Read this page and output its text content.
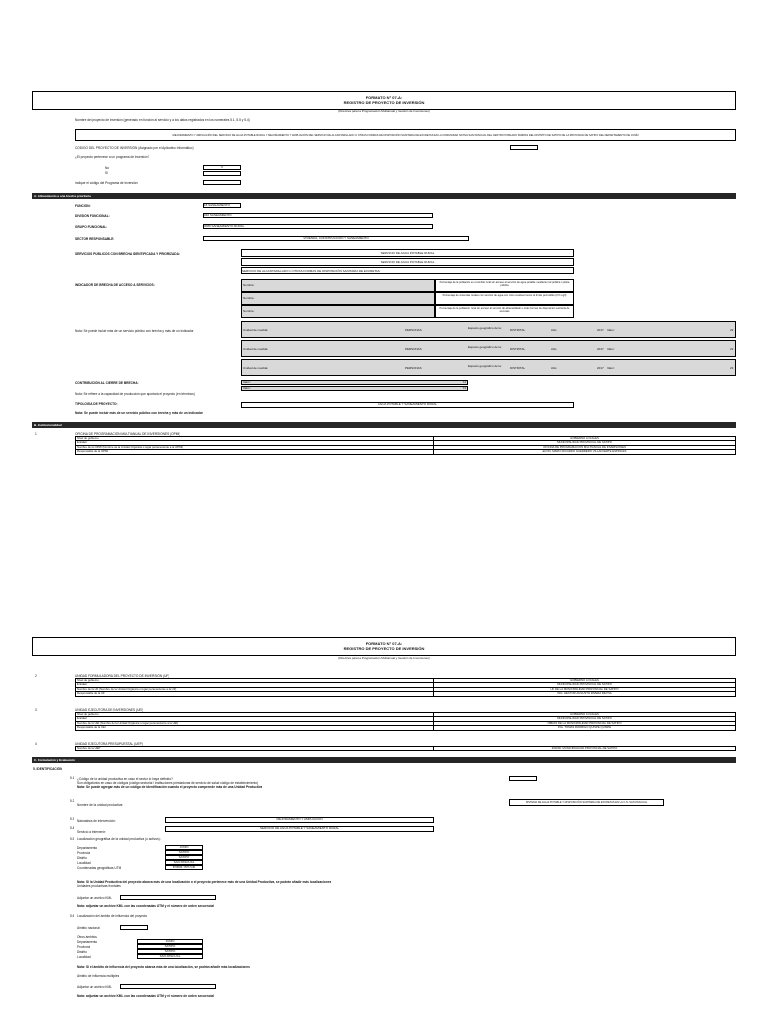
FORMATO N° 07-A:
REGISTRO DE PROYECTO DE INVERSIÓN
(Directiva para la Programación Multianual y Gestión de Inversiones)
Nombre del proyecto de inversión (generado en función al servicio y a los datos registrados en los numerales 5.1, 5.5 y 5.4)
MEJORAMIENTO Y AMPLIACIÓN DEL SERVICIO DE AGUA POTABLE RURAL Y MEJORAMIENTO Y AMPLIACIÓN DEL SERVICIO DE ALCANTARILLADO U OTRAS FORMAS DE DISPOSICIÓN SANITARIA DE EXCRETAS EN LA COMUNIDAD NATIVA SAN PASCUAL DEL CENTRO POBLADO PAMPAS DEL DISTRITO DE SATIPO DE LA PROVINCIA DE SATIPO DEL DEPARTAMENTO DE JUNÍN
CÓDIGO DEL PROYECTO DE INVERSIÓN (Asignado por el Aplicativo Informático)
¿El proyecto pertenece a un programa de inversión?
No	X
Sí
Indique el código del Programa de Inversión:
A. Alineamiento a una brecha prioritaria
FUNCIÓN:	18 SANEAMIENTO
DIVISIÓN FUNCIONAL:	040 SANEAMIENTO
GRUPO FUNCIONAL:	0089 SANEAMIENTO RURAL
SECTOR RESPONSABLE:	VIVIENDA, CONSTRUCCIÓN Y SANEAMIENTO
SERVICIOS PÚBLICOS CON BRECHA IDENTIFICADA Y PRIORIZADA:	SERVICIO DE AGUA POTABLE RURAL
SERVICIO DE AGUA POTABLE RURAL
SERVICIO DE ALCANTARILLADO U OTRAS FORMAS DE DISPOSICIÓN SANITARIA DE EXCRETAS
INDICADOR DE BRECHA DE ACCESO A SERVICIOS:	Nombre:
Porcentaje de la población en el ámbito rural sin acceso al servicio de agua potable mediante red pública o pileta pública
Nombre:
Porcentaje de viviendas rurales con servicio de agua con cloro residual menor al límite permisible (0.5 mg/l)
Nombre:
Porcentaje de la población rural sin acceso al servicio de alcantarillado u otras formas de disposición sanitaria de excretas
Nota: Se puede incluir más de un servicio público con brecha y más de un indicador	Unidad de medida:	PERSONAS	Espacio geográfico de la:	DISTRITAL	Año:	2017 Valor:	23
Unidad de medida:	PERSONAS	Espacio geográfico de la:	DISTRITAL	Año:	2017 Valor:	23
Unidad de medida:	PERSONAS	Espacio geográfico de la:	DISTRITAL	Año:	2017 Valor:	23
CONTRIBUCIÓN AL CIERRE DE BRECHA:	Valor:	74
Valor:	74
Nota: Se refiere a la capacidad de producción que aportará el proyecto (en términos)
TIPOLOGÍA DE PROYECTO:	AGUA POTABLE Y SANEAMIENTO RURAL
Nota: Se puede incluir más de un servicio público con brecha y más de un indicador
B. Institucionalidad
1	OFICINA DE PROGRAMACIÓN MULTIANUAL DE INVERSIONES (OPMI)
Nivel de gobierno	GOBIERNO LOCALES
Entidad	MUNICIPALIDAD PROVINCIAL DE SATIPO
Nombre de la OPMI (Nombre de la Unidad Orgánica o lugar perteneciente a la OPMI)	OFICINA DE PROGRAMACIÓN MULTIANUAL DE INVERSIONES
Responsable de la OPMI	ECON. MARIO RICARDO GUERRERO VILLAFUERTE ESPINOZA
FORMATO N° 07-A:
REGISTRO DE PROYECTO DE INVERSIÓN
(Directiva para la Programación Multianual y Gestión de Inversiones)
2	UNIDAD FORMULADORA DEL PROYECTO DE INVERSIÓN (UF)
Nivel de gobierno	GOBIERNO LOCALES
Entidad	MUNICIPALIDAD PROVINCIAL DE SATIPO
Nombre de la UF (Nombre de la Unidad Orgánica o lugar perteneciente a la UF)	UF DE LA MUNICIPALIDAD PROVINCIAL DE SATIPO
Responsable de la UF	ING. HECTOR AUGUSTO RIVERA REYNA
3	UNIDAD EJECUTORA DE INVERSIONES (UEI)
Nivel de gobierno	GOBIERNO LOCALES
Entidad	MUNICIPALIDAD PROVINCIAL DE SATIPO
Nombre de la UEI (Nombre de la Unidad Orgánica o lugar perteneciente a la UEI)	OBRAS DE LA MUNICIPALIDAD PROVINCIAL DE SATIPO
Responsable de la UEI	ING. TOMAS RODRIGO QUISPE QUISPE
4	UNIDAD EJECUTORA PRESUPUESTAL (UEP)
Nombre de la UEP	300292: MUNICIPALIDAD PROVINCIAL DE SATIPO
C. Formulación y Evaluación
5. IDENTIFICACIÓN
5.1 ¿Código de la unidad productiva en caso el sector lo haya definido?
Son obligatorios en caso de códigos (código sectorial / instituciones prestadoras de servicio de salud código de establecimiento)
Nota: Se puede agregar más de un código de identificación cuando el proyecto comprende más de una Unidad Productiva
5.2
Nombre de la unidad productiva:
SISTEMA DE AGUA POTABLE Y DISPOSICIÓN SANITARIA DE EXCRETAS EN LA C.N. SAN PASCUAL
5.3 Naturaleza de intervención:	MEJORAMIENTO Y AMPLIACIÓN
5.4
Servicio a intervenir:
SERVICIO DE AGUA POTABLE Y SANEAMIENTO RURAL
5.5 Localización geográfica de la unidad productiva (o activos):
Departamento	JUNÍN
Provincia	SATIPO
Distrito	SATIPO
Localidad	SAN PASCUAL
Coordenadas geográficas UTM	8766845 / 9576 SUR
Nota: Si la Unidad Productiva del proyecto abarca más de una localización o el proyecto pertenece más de una Unidad Productiva, se podrán añadir más localizaciones
Unidades productivas frontales
Adjuntar un archivo KML
Nota: adjuntar un archivo KML con las coordenadas UTM y el número de orden secuencial
5.6 Localización del ámbito de influencia del proyecto
Ámbito nacional
Otros ámbitos
Departamento	JUNÍN
Provincia	SATIPO
Distrito	SATIPO
Localidad	SAN PASCUAL
Nota: Si el ámbito de influencia del proyecto abarca más de una localización, se podrán añadir más localizaciones
Ámbito de influencia múltiples
Adjuntar un archivo KML
Nota: adjuntar un archivo KML con las coordenadas UTM y el número de orden secuencial
